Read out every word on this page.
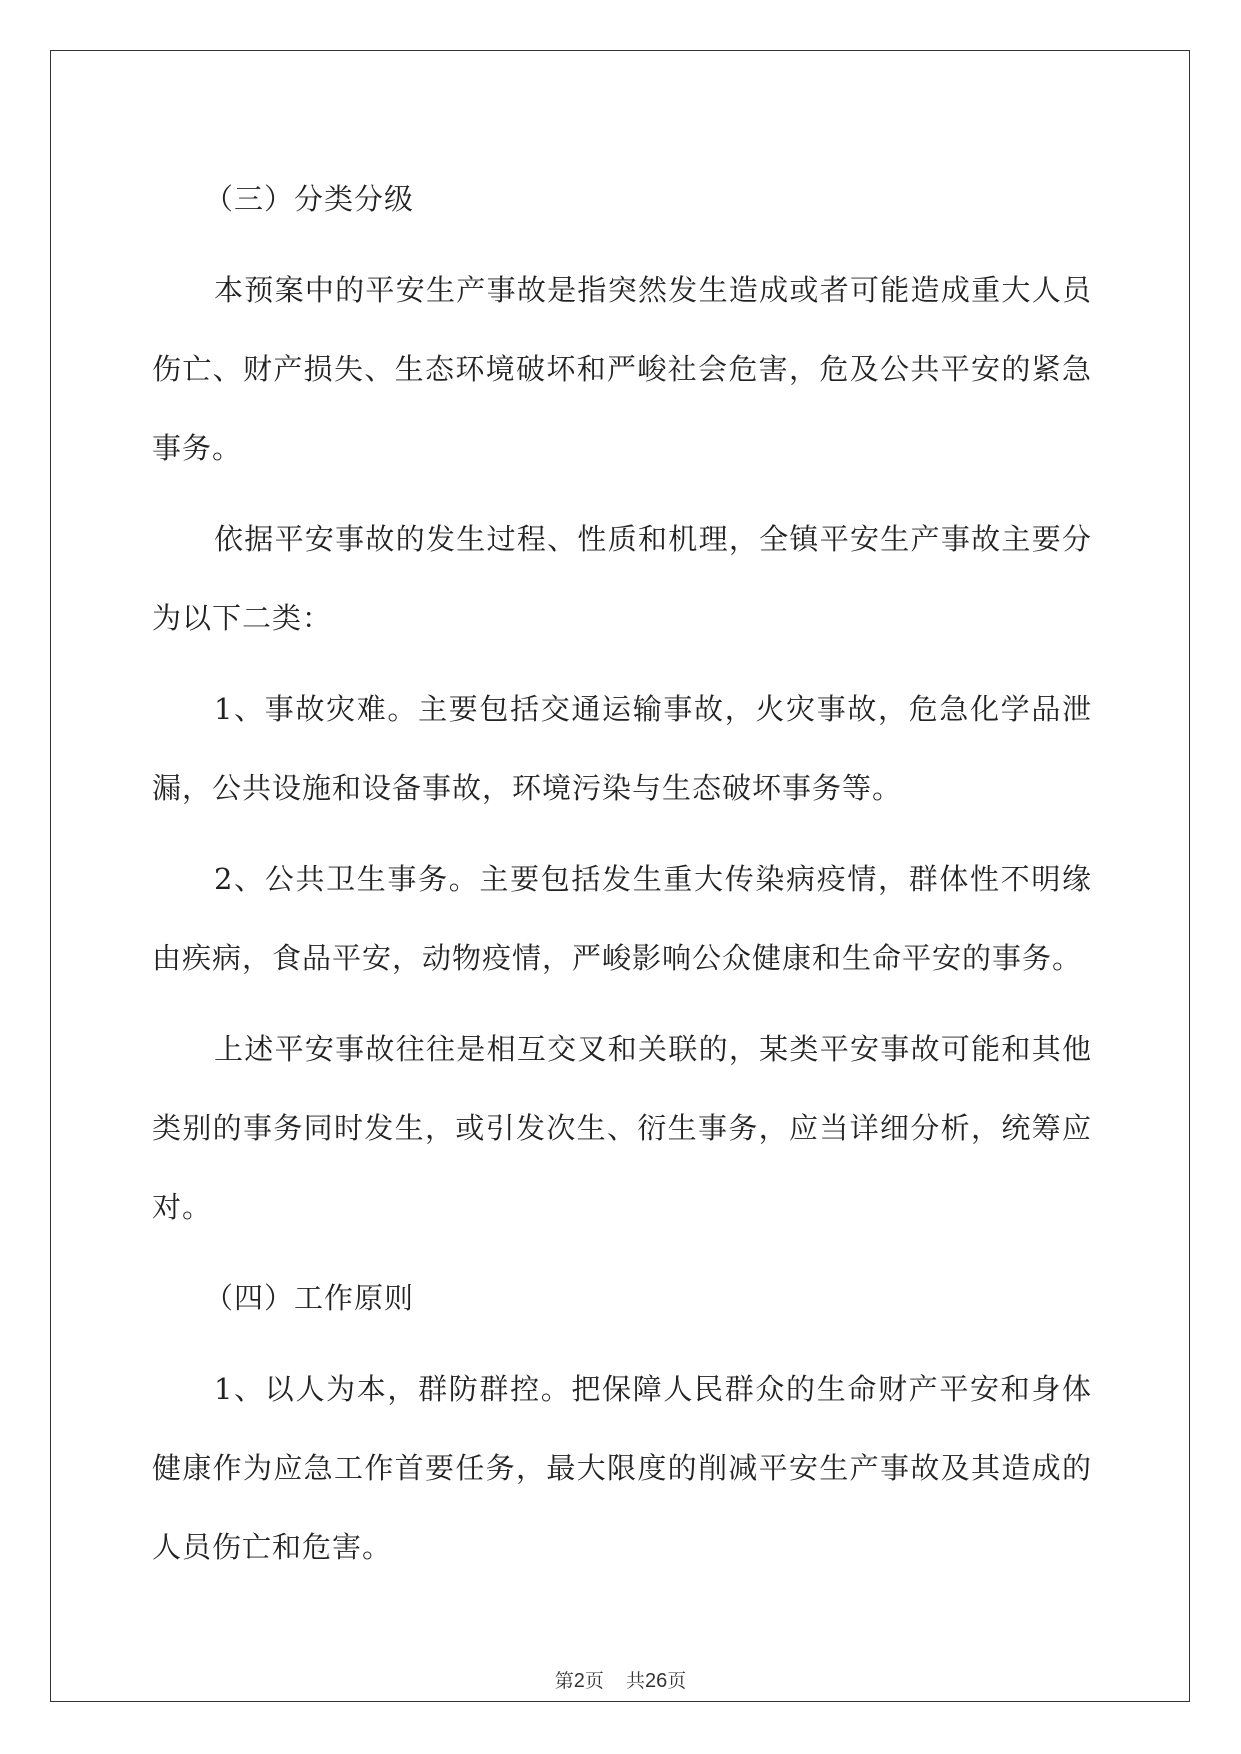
（三）分类分级

本预案中的平安生产事故是指突然发生造成或者可能造成重大人员伤亡、财产损失、生态环境破坏和严峻社会危害，危及公共平安的紧急事务。

依据平安事故的发生过程、性质和机理，全镇平安生产事故主要分为以下二类：

1、事故灾难。主要包括交通运输事故，火灾事故，危急化学品泄漏，公共设施和设备事故，环境污染与生态破坏事务等。

2、公共卫生事务。主要包括发生重大传染病疫情，群体性不明缘由疾病，食品平安，动物疫情，严峻影响公众健康和生命平安的事务。

上述平安事故往往是相互交叉和关联的，某类平安事故可能和其他类别的事务同时发生，或引发次生、衍生事务，应当详细分析，统筹应对。

（四）工作原则

1、以人为本，群防群控。把保障人民群众的生命财产平安和身体健康作为应急工作首要任务，最大限度的削减平安生产事故及其造成的人员伤亡和危害。

第2页 共26页
